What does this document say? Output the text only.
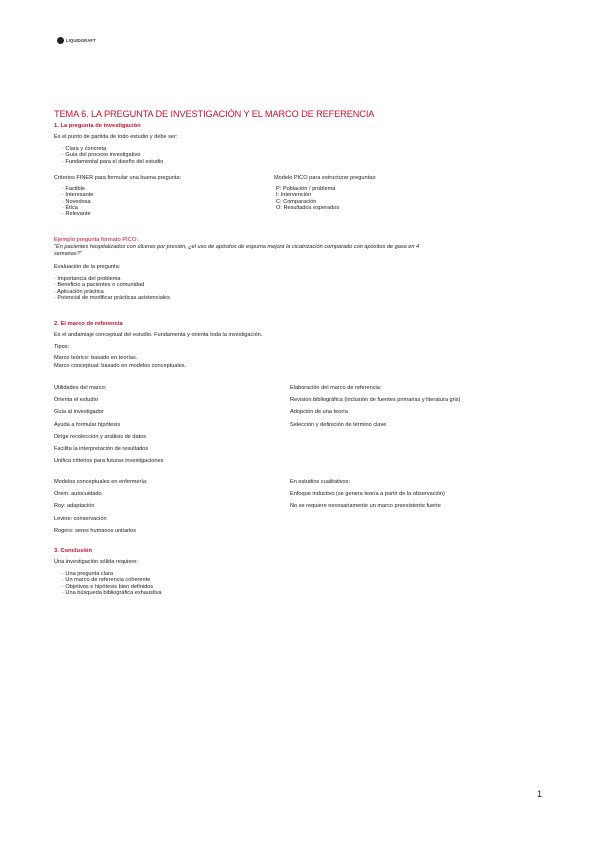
LIQUIDGRAFT
TEMA 6. LA PREGUNTA DE INVESTIGACIÓN Y EL MARCO DE REFERENCIA
1. La pregunta de investigación
Es el punto de partida de todo estudio y debe ser:
· Clara y concreta
· Guía del proceso investigativo
· Fundamental para el diseño del estudio
Criterios FINER para formular una buena pregunta:
· Factible
· Interesante
· Novedosa
· Ética
· Relevante
Modelo PICO para estructurar preguntas:
P: Población / problema
I: Intervención
C: Comparación
O: Resultados esperados
Ejemplo pregunta formato PICO:
"En pacientes hospitalizados con úlceras por presión, ¿el uso de apósitos de espuma mejora la cicatrización comparado con apósitos de gasa en 4
semanas?"
Evaluación de la pregunta:
· Importancia del problema
· Beneficio a pacientes o comunidad
· Aplicación práctica
· Potencial de modificar prácticas asistenciales
2. El marco de referencia
Es el andamiaje conceptual del estudio. Fundamenta y orienta toda la investigación.
Tipos:
Marco teórico: basado en teorías.
Marco conceptual: basado en modelos conceptuales.
Utilidades del marco:
Orienta el estudio
Guía al investigador
Ayuda a formular hipótesis
Dirige recolección y análisis de datos
Facilita la interpretación de resultados
Unifica criterios para futuras investigaciones
Elaboración del marco de referencia:
Revisión bibliográfica (inclusión de fuentes primarias y literatura gris)
Adopción de una teoría
Selección y definición de término clave
Modelos conceptuales en enfermería:
Orem: autocuidado
Roy: adaptación
Levine: conservación
Rogers: seres humanos unitarios
En estudios cualitativos:
Enfoque inductivo (se genera teoría a partir de la observación)
No se requiere necesariamente un marco preexistente fuerte
3. Conclusión
Una investigación sólida requiere:
· Una pregunta clara
· Un marco de referencia coherente
· Objetivos e hipótesis bien definidos
· Una búsqueda bibliográfica exhaustiva
1
